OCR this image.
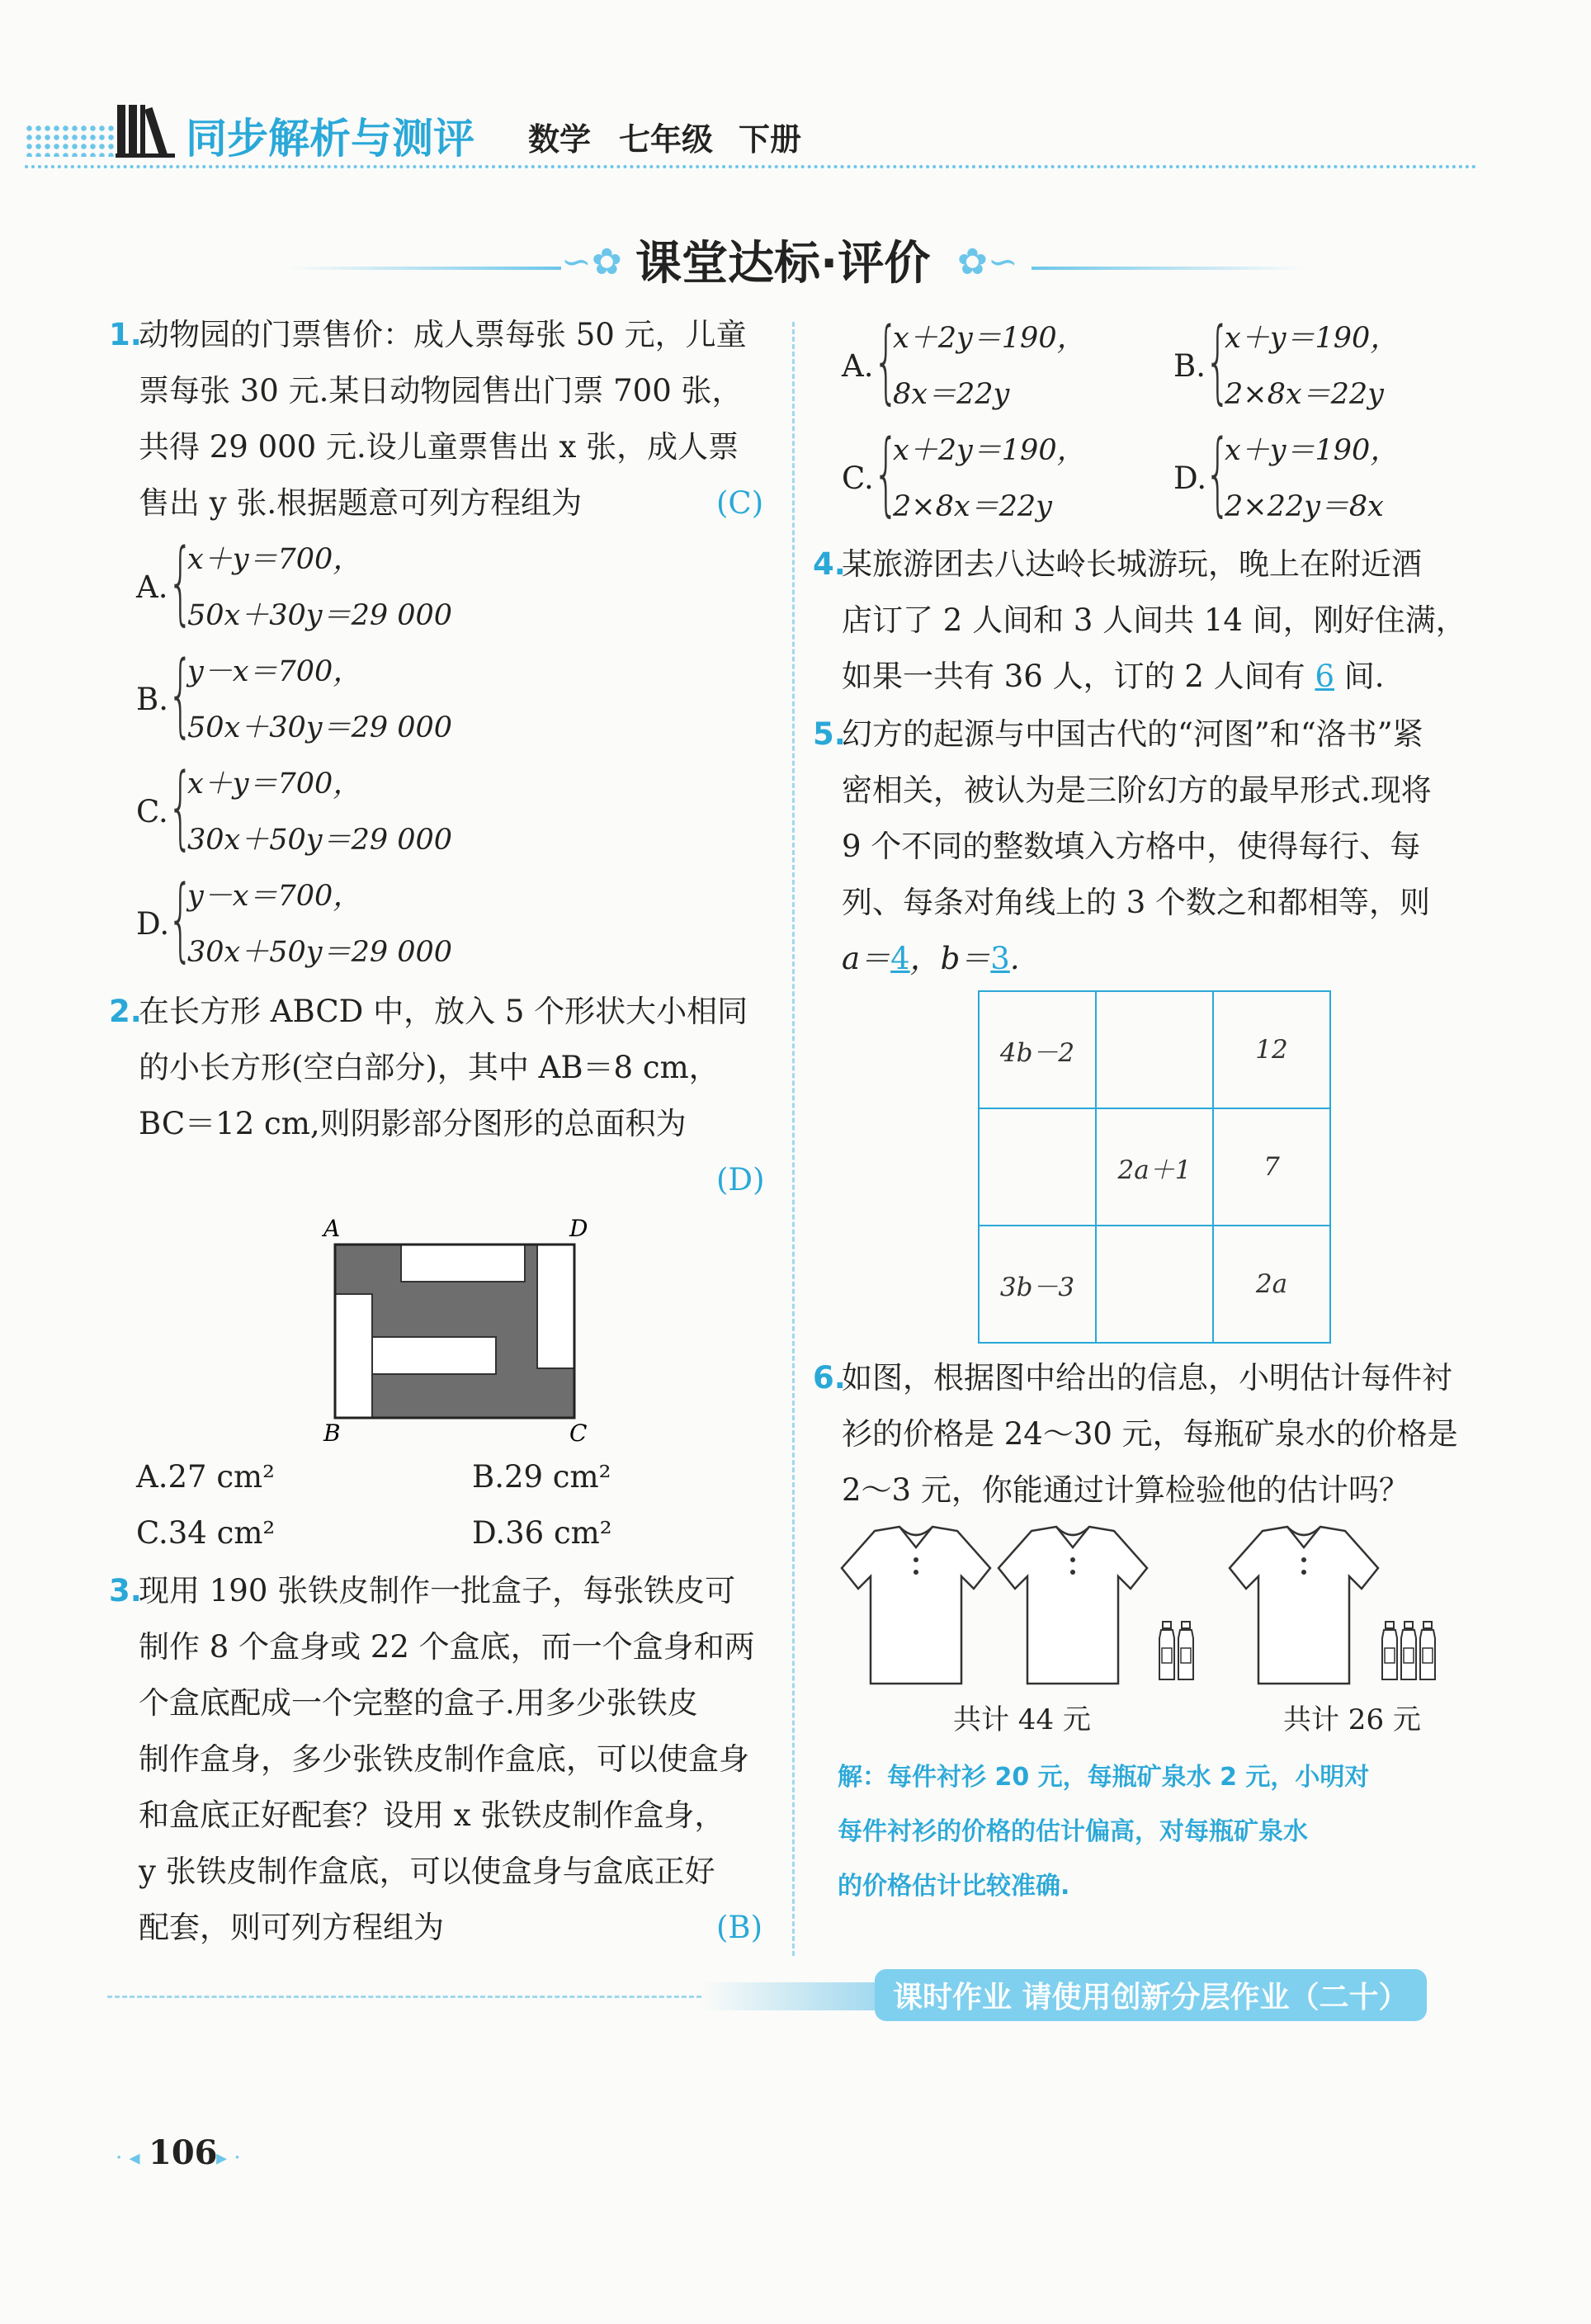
同步解析与测评 数学 七年级 下册
∽✿ 课堂达标·评价 ✿∽
1.
动物园的门票售价：成人票每张 50 元，儿童
票每张 30 元.某日动物园售出门票 700 张，
共得 29 000 元.设儿童票售出 x 张，成人票
售出 y 张.根据题意可列方程组为	(C)
A. {
x＋y＝700，
50x＋30y＝29 000
B. {
y－x＝700，
50x＋30y＝29 000
C. {
x＋y＝700，
30x＋50y＝29 000
D.
{
y－x＝700，
30x＋50y＝29 000
2.
在长方形 ABCD 中，放入 5 个形状大小相同
的小长方形(空白部分)，其中 AB＝8 cm，
BC＝12 cm,则阴影部分图形的总面积为
(D)
A	D
B	C
A.27 cm²	B.29 cm²
C.34 cm²	D.36 cm²
3.
现用 190 张铁皮制作一批盒子，每张铁皮可
制作 8 个盒身或 22 个盒底，而一个盒身和两
个盒底配成一个完整的盒子.用多少张铁皮
制作盒身，多少张铁皮制作盒底，可以使盒身
和盒底正好配套？设用 x 张铁皮制作盒身，
y 张铁皮制作盒底，可以使盒身与盒底正好
配套，则可列方程组为	(B)
A. {
x＋2y＝190，
8x＝22y
B. {
x＋y＝190，
2×8x＝22y
C. {
x＋2y＝190，
2×8x＝22y
D.
{
x＋y＝190，
2×22y＝8x
4.
某旅游团去八达岭长城游玩，晚上在附近酒
店订了 2 人间和 3 人间共 14 间，刚好住满，
如果一共有 36 人，订的 2 人间有 6 间.
5.
幻方的起源与中国古代的“河图”和“洛书”紧
密相关，被认为是三阶幻方的最早形式.现将
9 个不同的整数填入方格中，使得每行、每
列、每条对角线上的 3 个数之和都相等，则
a＝4，b＝3.
4b－2		12
	2a＋1	7
3b－3		2a
6.
如图，根据图中给出的信息，小明估计每件衬
衫的价格是 24～30 元，每瓶矿泉水的价格是
2～3 元，你能通过计算检验他的估计吗？
共计 44 元	共计 26 元
解：每件衬衫 20 元，每瓶矿泉水 2 元，小明对
每件衬衫的价格的估计偏高，对每瓶矿泉水
的价格估计比较准确.
课时作业 请使用创新分层作业（二十）
· ◂ 106
▸ ·
